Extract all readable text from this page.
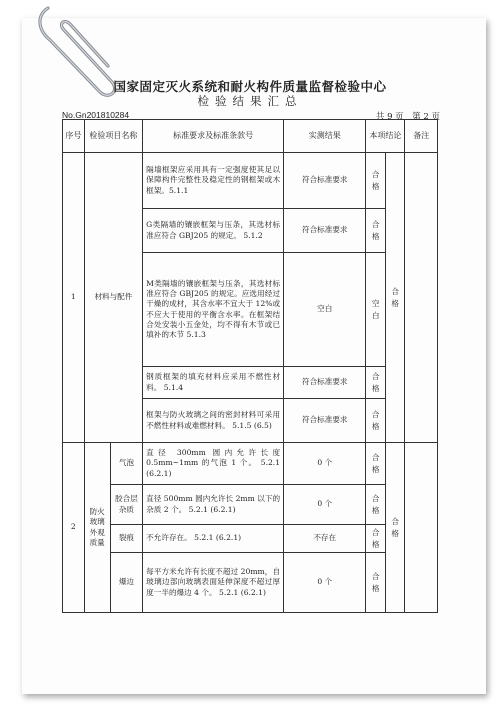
国家固定灭火系统和耐火构件质量监督检验中心
检验结果汇总
No.Gn201810284	共 9 页　第 2 页
序号	检验项目名称		标准要求及标准条款号	实测结果	本项结论		备注
1	材料与配件		隔墙框架应采用具有一定强度使其足以保障构件完整性及稳定性的钢框架或木框架。5.1.1	符合标准要求	合格	合格	
			G类隔墙的镶嵌框架与压条，其选材标准应符合 GBJ205 的规定。 5.1.2	符合标准要求	合格		
			M类隔墙的镶嵌框架与压条，其选材标准应符合 GBJ205 的规定。应选用经过干燥的成材，其含水率不宜大于 12%或不应大于使用的平衡含水率。在框架结合处安装小五金处，均不得有木节或已填补的木节 5.1.3	空白	空白		
			钢质框架的填充材料应采用不燃性材料。 5.1.4	符合标准要求	合格		
			框架与防火玻璃之间的密封材料可采用不燃性材料或难燃材料。 5.1.5 (6.5)	符合标准要求	合格		
2	防火玻璃外观质量	气泡	直径 300mm 圆内允许长度 0.5mm~1mm 的气泡 1 个。 5.2.1 (6.2.1)	0 个	合格	合格	
		胶合层杂质	直径 500mm 圆内允许长 2mm 以下的杂质 2 个。 5.2.1 (6.2.1)	0 个	合格		
		裂痕	不允许存在。 5.2.1 (6.2.1)	不存在	合格		
		爆边	每平方米允许有长度不超过 20mm，自玻璃边部向玻璃表面延伸深度不超过厚度一半的爆边 4 个。 5.2.1 (6.2.1)	0 个	合格		
